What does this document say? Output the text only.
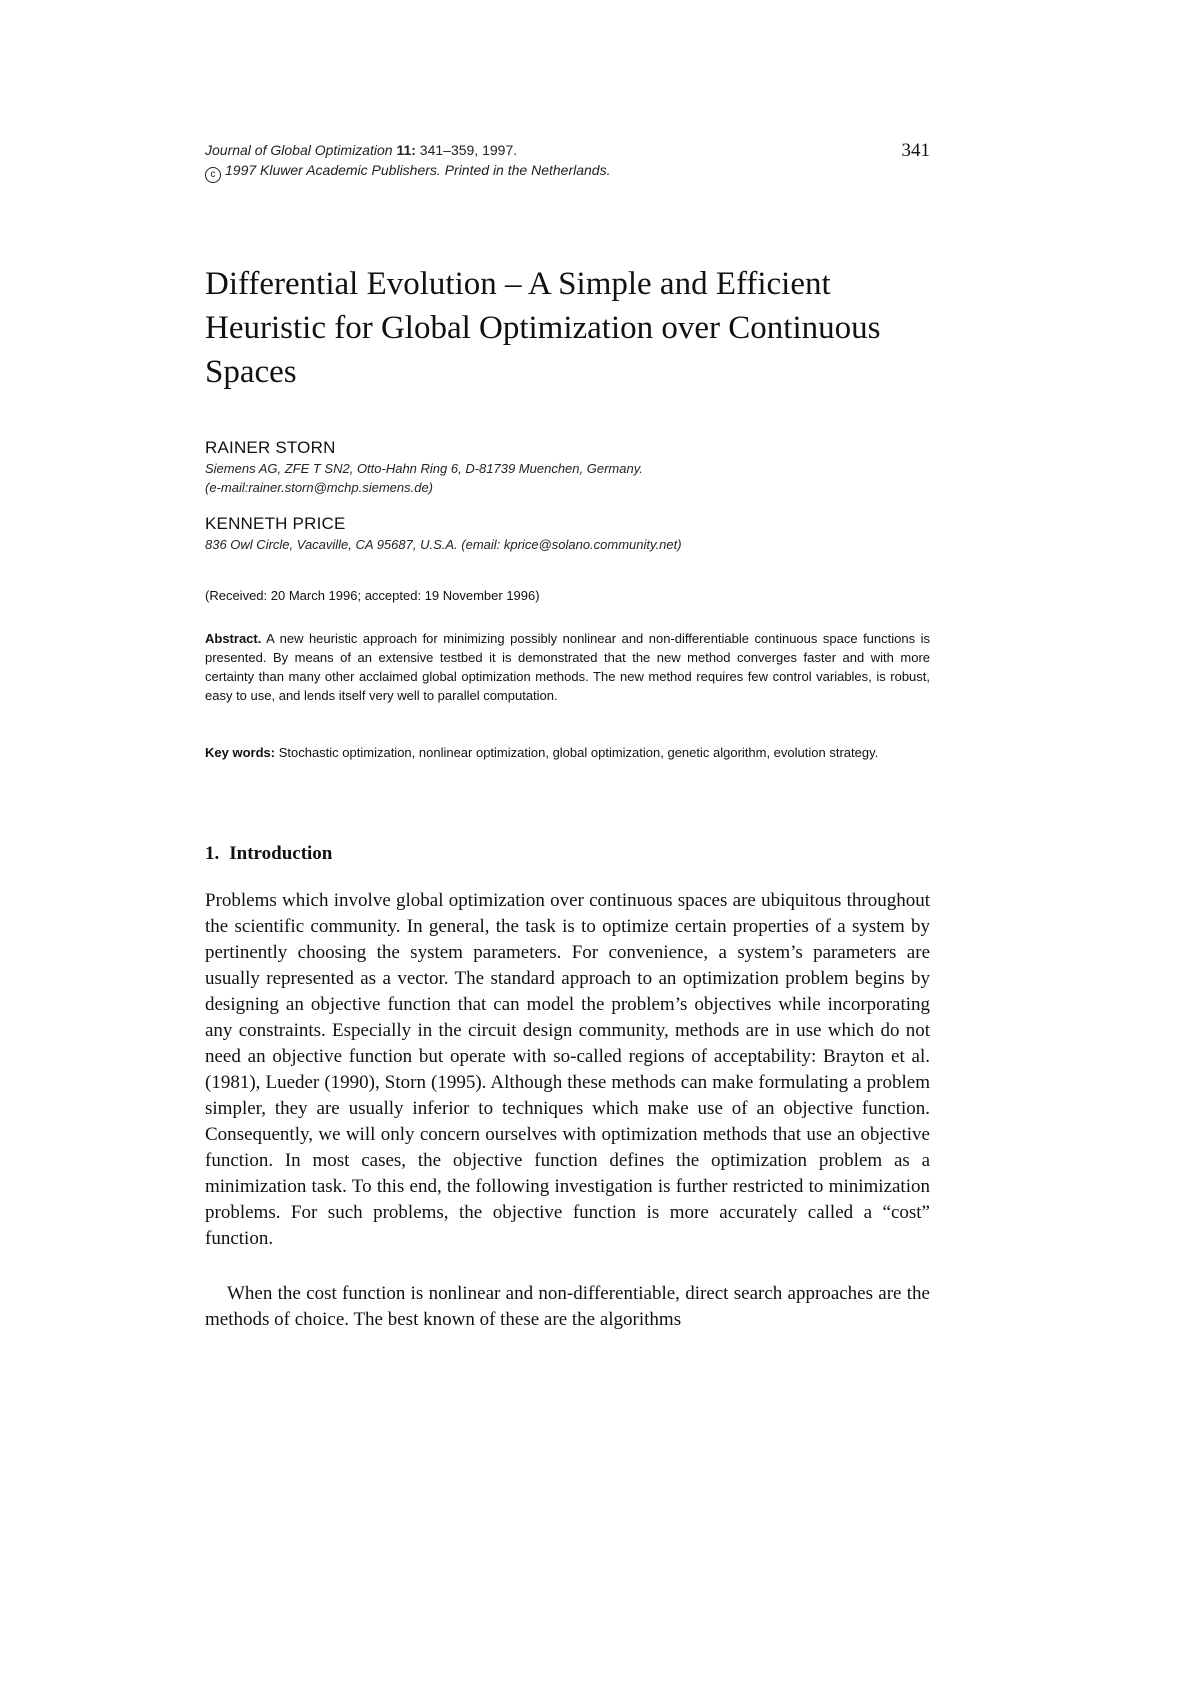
Journal of Global Optimization 11: 341–359, 1997.
c 1997 Kluwer Academic Publishers. Printed in the Netherlands.
341
Differential Evolution – A Simple and Efficient Heuristic for Global Optimization over Continuous Spaces
RAINER STORN
Siemens AG, ZFE T SN2, Otto-Hahn Ring 6, D-81739 Muenchen, Germany.
(e-mail:rainer.storn@mchp.siemens.de)
KENNETH PRICE
836 Owl Circle, Vacaville, CA 95687, U.S.A. (email: kprice@solano.community.net)
(Received: 20 March 1996; accepted: 19 November 1996)
Abstract. A new heuristic approach for minimizing possibly nonlinear and non-differentiable continuous space functions is presented. By means of an extensive testbed it is demonstrated that the new method converges faster and with more certainty than many other acclaimed global optimization methods. The new method requires few control variables, is robust, easy to use, and lends itself very well to parallel computation.
Key words: Stochastic optimization, nonlinear optimization, global optimization, genetic algorithm, evolution strategy.
1. Introduction

Problems which involve global optimization over continuous spaces are ubiquitous throughout the scientific community. In general, the task is to optimize certain properties of a system by pertinently choosing the system parameters. For convenience, a system’s parameters are usually represented as a vector. The standard approach to an optimization problem begins by designing an objective function that can model the problem’s objectives while incorporating any constraints. Especially in the circuit design community, methods are in use which do not need an objective function but operate with so-called regions of acceptability: Brayton et al. (1981), Lueder (1990), Storn (1995). Although these methods can make formulating a problem simpler, they are usually inferior to techniques which make use of an objective function. Consequently, we will only concern ourselves with optimization methods that use an objective function. In most cases, the objective function defines the optimization problem as a minimization task. To this end, the following investigation is further restricted to minimization problems. For such problems, the objective function is more accurately called a “cost” function.

When the cost function is nonlinear and non-differentiable, direct search approaches are the methods of choice. The best known of these are the algorithms
